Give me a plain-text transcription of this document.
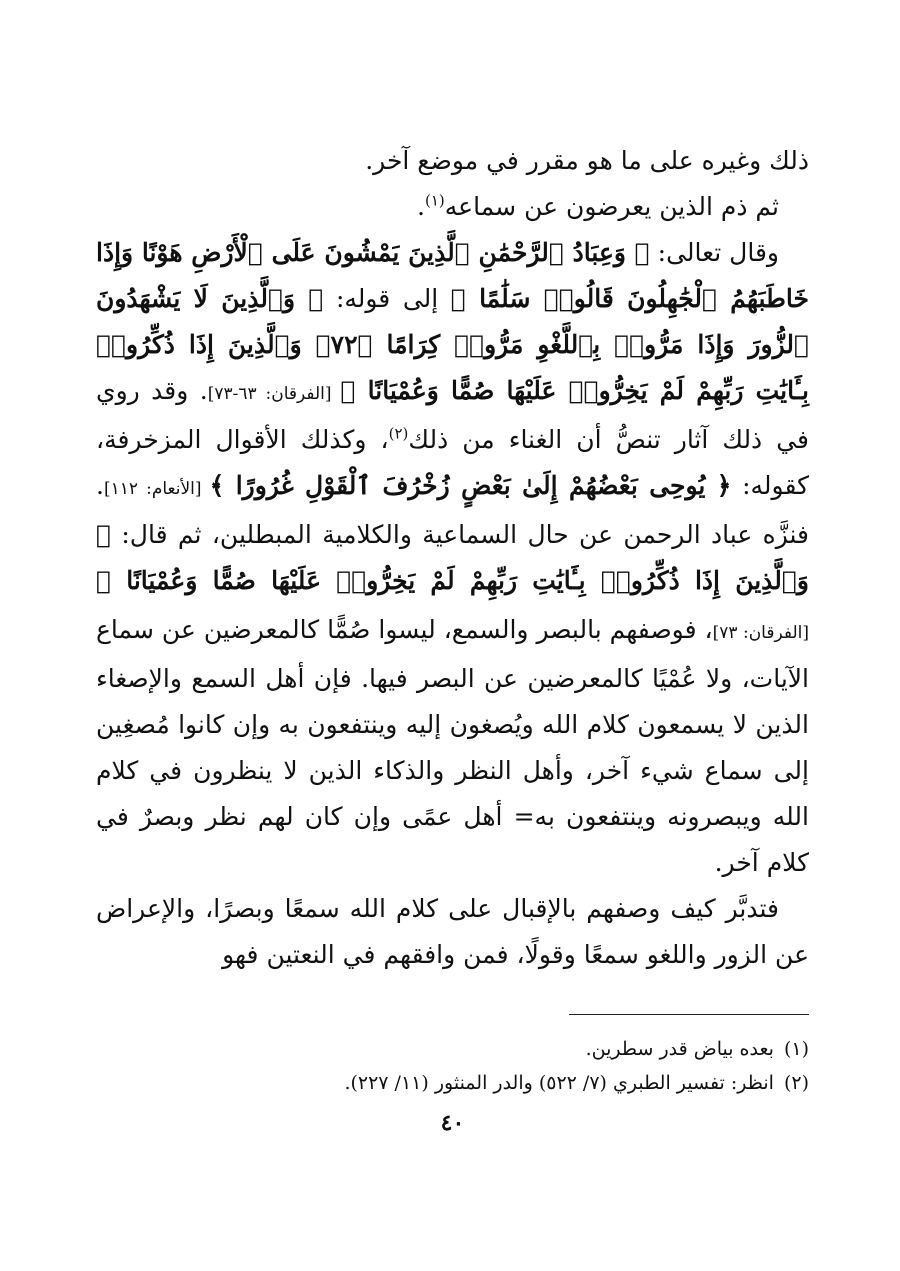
ذلك وغيره على ما هو مقرر في موضع آخر.

ثم ذم الذين يعرضون عن سماعه$^{(١)}$.

وقال تعالى: ﴿ وَعِبَادُ ٱلرَّحْمَٰنِ ٱلَّذِينَ يَمْشُونَ عَلَى ٱلْأَرْضِ هَوْنًا وَإِذَا خَاطَبَهُمُ ٱلْجَٰهِلُونَ قَالُوا۟ سَلَٰمًا ﴾ إلى قوله: ﴿ وَٱلَّذِينَ لَا يَشْهَدُونَ ٱلزُّورَ وَإِذَا مَرُّوا۟ بِٱللَّغْوِ مَرُّوا۟ كِرَامًا ﴿٧٢﴾ وَٱلَّذِينَ إِذَا ذُكِّرُوا۟ بِـَٔايَٰتِ رَبِّهِمْ لَمْ يَخِرُّوا۟ عَلَيْهَا صُمًّا وَعُمْيَانًا ﴾ [الفرقان: ٦٣-٧٣]. وقد روي في ذلك آثار تنصُّ أن الغناء من ذلك$^{(٢)}$، وكذلك الأقوال المزخرفة، كقوله: ﴿ يُوحِى بَعْضُهُمْ إِلَىٰ بَعْضٍ زُخْرُفَ ٱلْقَوْلِ غُرُورًا ﴾ [الأنعام: ١١٢]. فنزَّه عباد الرحمن عن حال السماعية والكلامية المبطلين، ثم قال: ﴿ وَٱلَّذِينَ إِذَا ذُكِّرُوا۟ بِـَٔايَٰتِ رَبِّهِمْ لَمْ يَخِرُّوا۟ عَلَيْهَا صُمًّا وَعُمْيَانًا ﴾ [الفرقان: ٧٣]، فوصفهم بالبصر والسمع، ليسوا صُمًّا كالمعرضين عن سماع الآيات، ولا عُمْيًا كالمعرضين عن البصر فيها. فإن أهل السمع والإصغاء الذين لا يسمعون كلام الله ويُصغون إليه وينتفعون به وإن كانوا مُصغِين إلى سماع شيء آخر، وأهل النظر والذكاء الذين لا ينظرون في كلام الله ويبصرونه وينتفعون به= أهل عمًى وإن كان لهم نظر وبصرٌ في كلام آخر.

فتدبَّر كيف وصفهم بالإقبال على كلام الله سمعًا وبصرًا، والإعراض عن الزور واللغو سمعًا وقولًا، فمن وافقهم في النعتين فهو

(١)بعده بياض قدر سطرين.

(٢)انظر: تفسير الطبري (٧/ ٥٢٢) والدر المنثور (١١/ ٢٢٧).

٤٠
